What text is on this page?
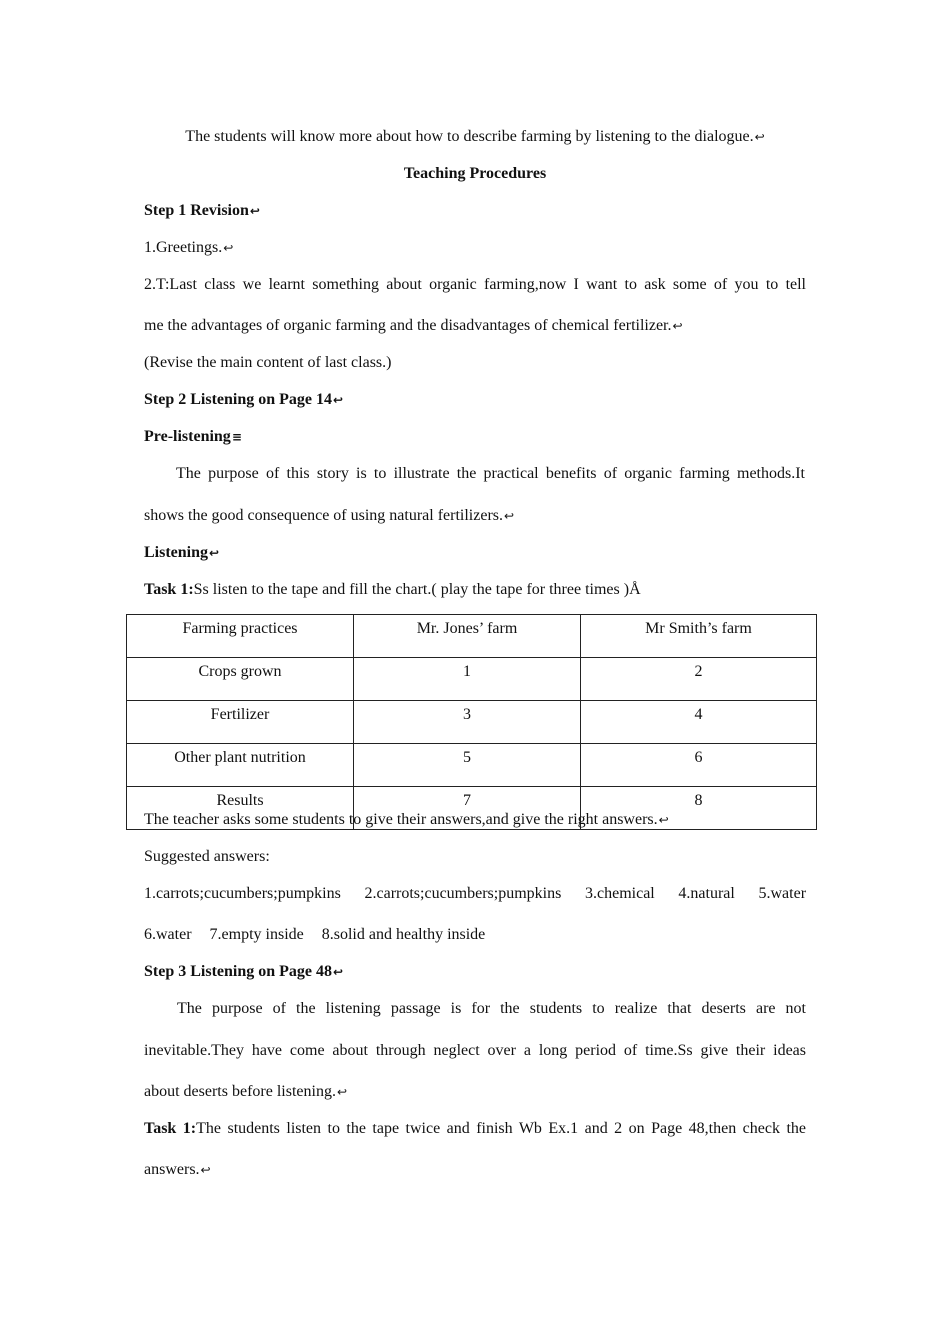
The students will know more about how to describe farming by listening to the dialogue.↩
Teaching Procedures
Step 1 Revision↩
1.Greetings.↩
2.T:Last class we learnt something about organic farming,now I want to ask some of you to tell
me the advantages of organic farming and the disadvantages of chemical fertilizer.↩
(Revise the main content of last class.)
Step 2 Listening on Page 14↩
Pre-listening≡
The purpose of this story is to illustrate the practical benefits of organic farming methods.It
shows the good consequence of using natural fertilizers.↩
Listening↩
Task 1:Ss listen to the tape and fill the chart.( play the tape for three times )Å
Farming practices	Mr. Jones’ farm	Mr Smith’s farm
Crops grown	1	2
Fertilizer	3	4
Other plant nutrition	5	6
Results	7	8
The teacher asks some students to give their answers,and give the right answers.↩
Suggested answers:
1.carrots;cucumbers;pumpkins 2.carrots;cucumbers;pumpkins 3.chemical 4.natural 5.water
6.water 7.empty inside 8.solid and healthy inside
Step 3 Listening on Page 48↩
The purpose of the listening passage is for the students to realize that deserts are not
inevitable.They have come about through neglect over a long period of time.Ss give their ideas
about deserts before listening.↩
Task 1:The students listen to the tape twice and finish Wb Ex.1 and 2 on Page 48,then check the
answers.↩
